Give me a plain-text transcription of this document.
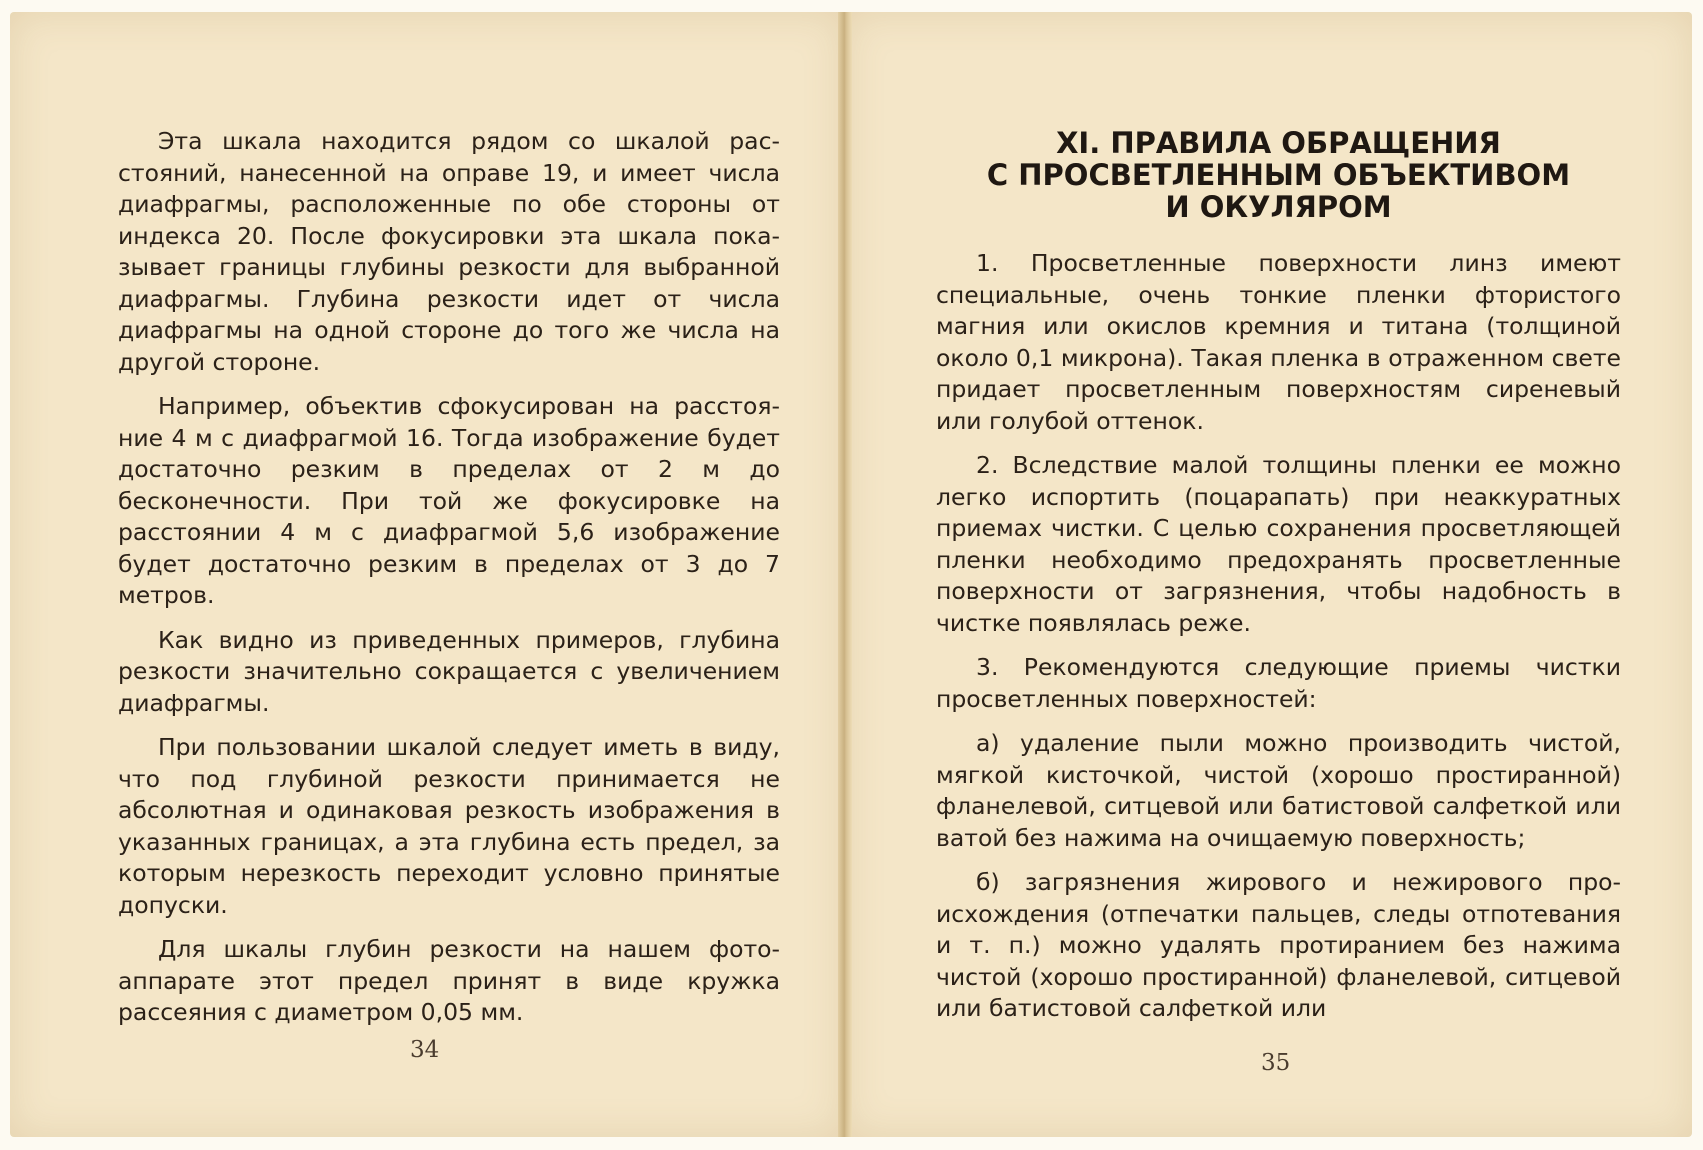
Эта шкала находится рядом со шкалой расстояний, нанесенной на оправе 19, и имеет числа диафрагмы, расположенные по обе стороны от индекса 20. После фокусировки эта шкала показывает границы глубины резкости для выбранной диафрагмы. Глубина резкости идет от числа диафрагмы на одной стороне до того же числа на другой стороне.

Например, объектив сфокусирован на расстояние 4 м с диафрагмой 16. Тогда изображение будет достаточно резким в пределах от 2 м до бесконечности. При той же фокусировке на расстоянии 4 м с диафрагмой 5,6 изображение будет достаточно резким в пределах от 3 до 7 метров.

Как видно из приведенных примеров, глубина резкости значительно сокращается с увеличением диафрагмы.

При пользовании шкалой следует иметь в виду, что под глубиной резкости принимается не абсолютная и одинаковая резкость изображения в указанных границах, а эта глубина есть предел, за которым нерезкость переходит условно принятые допуски.

Для шкалы глубин резкости на нашем фотоаппарате этот предел принят в виде кружка рассеяния с диаметром 0,05 мм.

34
XI. ПРАВИЛА ОБРАЩЕНИЯ
С ПРОСВЕТЛЕННЫМ ОБЪЕКТИВОМ
И ОКУЛЯРОМ

1. Просветленные поверхности линз имеют специальные, очень тонкие пленки фтористого магния или окислов кремния и титана (толщиной около 0,1 микрона). Такая пленка в отраженном свете придает просветленным поверхностям сиреневый или голубой оттенок.

2. Вследствие малой толщины пленки ее можно легко испортить (поцарапать) при неаккуратных приемах чистки. С целью сохранения просветляющей пленки необходимо предохранять просветленные поверхности от загрязнения, чтобы надобность в чистке появлялась реже.

3. Рекомендуются следующие приемы чистки просветленных поверхностей:

а) удаление пыли можно производить чистой, мягкой кисточкой, чистой (хорошо простиранной) фланелевой, ситцевой или батистовой салфеткой или ватой без нажима на очищаемую поверхность;

б) загрязнения жирового и нежирового происхождения (отпечатки пальцев, следы отпотевания и т. п.) можно удалять протиранием без нажима чистой (хорошо простиранной) фланелевой, ситцевой или батистовой салфеткой или

35
